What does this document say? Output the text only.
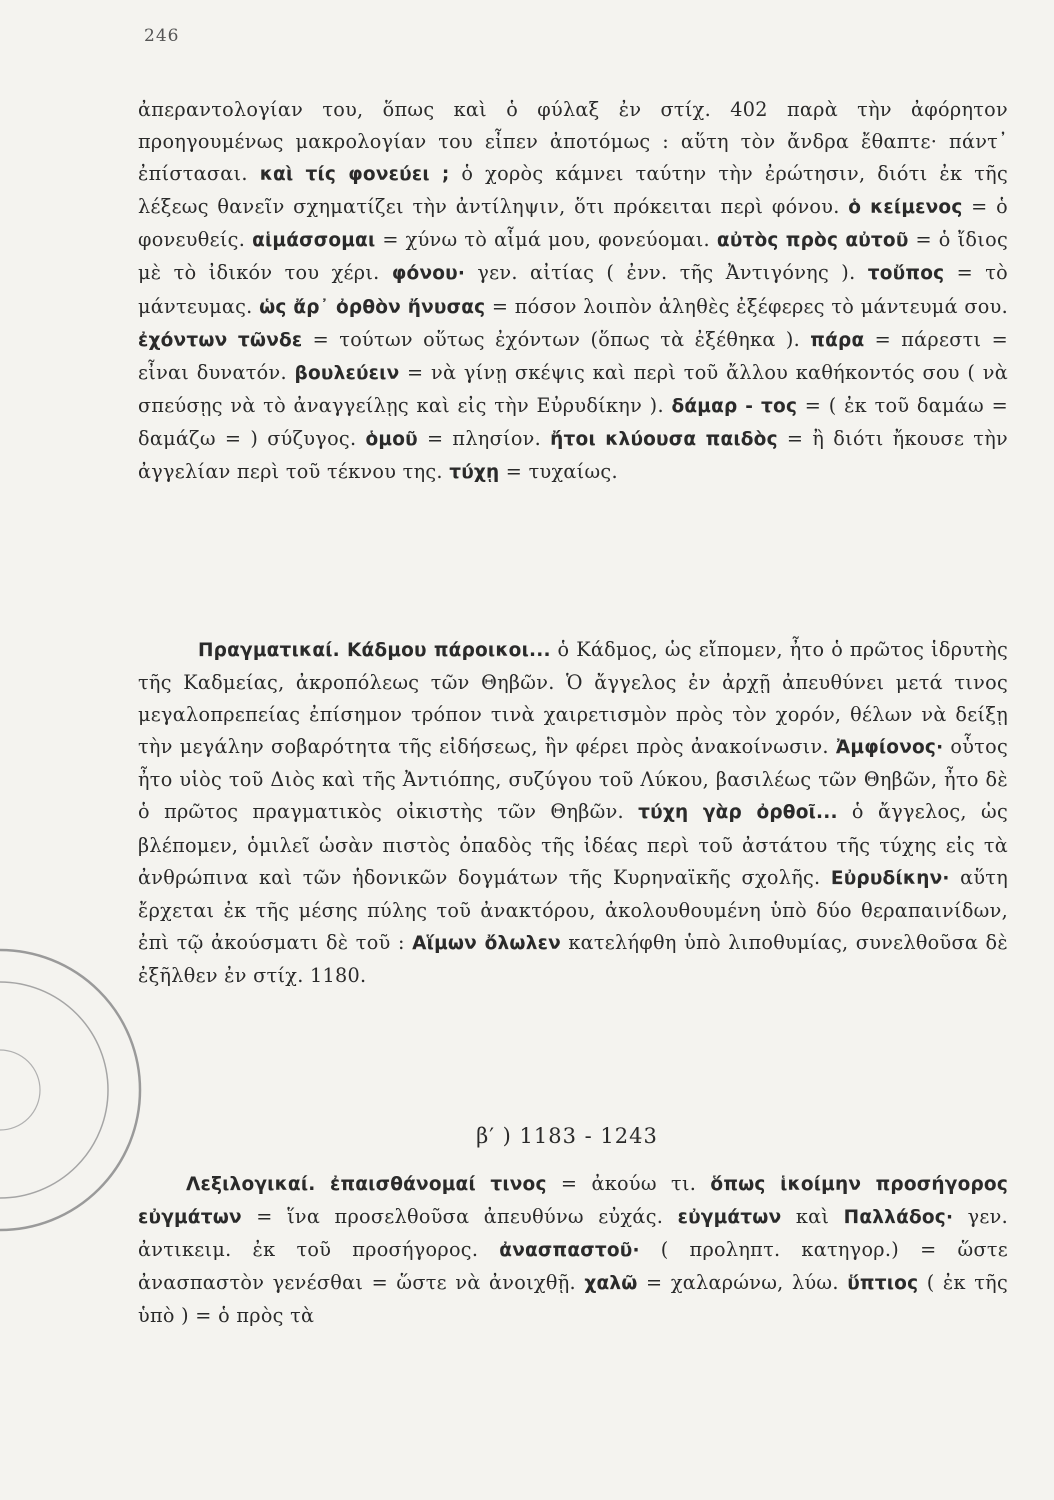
246
ἀπεραντολογίαν του, ὅπως καὶ ὁ φύλαξ ἐν στίχ. 402 παρὰ τὴν ἀφόρητον προηγουμένως μακρολογίαν του εἶπεν ἀποτόμως : αὕτη τὸν ἄνδρα ἔθαπτε· πάντ᾽ ἐπίστασαι. καὶ τίς φονεύει ; ὁ χορὸς κάμνει ταύτην τὴν ἐρώτησιν, διότι ἐκ τῆς λέξεως θανεῖν σχηματίζει τὴν ἀντίληψιν, ὅτι πρόκειται περὶ φόνου. ὁ κείμενος = ὁ φονευθείς. αἱμάσσομαι = χύνω τὸ αἷμά μου, φονεύομαι. αὐτὸς πρὸς αὐτοῦ = ὁ ἴδιος μὲ τὸ ἰδικόν του χέρι. φόνου· γεν. αἰτίας ( ἐνν. τῆς Ἀντιγόνης ). τοὔπος = τὸ μάντευμας. ὡς ἄρ᾽ ὀρθὸν ἤνυσας = πόσον λοιπὸν ἀληθὲς ἐξέφερες τὸ μάντευμά σου. ἐχόντων τῶνδε = τούτων οὕτως ἐχόντων (ὅπως τὰ ἐξέθηκα ). πάρα = πάρεστι = εἶναι δυνατόν. βουλεύειν = νὰ γίνῃ σκέψις καὶ περὶ τοῦ ἄλλου καθήκοντός σου ( νὰ σπεύσῃς νὰ τὸ ἀναγγείλῃς καὶ εἰς τὴν Εὐρυδίκην ). δάμαρ - τος = ( ἐκ τοῦ δαμάω = δαμάζω = ) σύζυγος. ὁμοῦ = πλησίον. ἤτοι κλύουσα παιδὸς = ἢ διότι ἤκουσε τὴν ἀγγελίαν περὶ τοῦ τέκνου της. τύχῃ = τυχαίως.
Πραγματικαί. Κάδμου πάροικοι... ὁ Κάδμος, ὡς εἴπομεν, ἦτο ὁ πρῶτος ἱδρυτὴς τῆς Καδμείας, ἀκροπόλεως τῶν Θηβῶν. Ὁ ἄγγελος ἐν ἀρχῇ ἀπευθύνει μετά τινος μεγαλοπρεπείας ἐπίσημον τρόπον τινὰ χαιρετισμὸν πρὸς τὸν χορόν, θέλων νὰ δείξῃ τὴν μεγάλην σοβαρότητα τῆς εἰδήσεως, ἣν φέρει πρὸς ἀνακοίνωσιν. Ἀμφίονος· οὗτος ἦτο υἱὸς τοῦ Διὸς καὶ τῆς Ἀντιόπης, συζύγου τοῦ Λύκου, βασιλέως τῶν Θηβῶν, ἦτο δὲ ὁ πρῶτος πραγματικὸς οἰκιστὴς τῶν Θηβῶν. τύχη γὰρ ὀρθοῖ... ὁ ἄγγελος, ὡς βλέπομεν, ὁμιλεῖ ὡσὰν πιστὸς ὀπαδὸς τῆς ἰδέας περὶ τοῦ ἀστάτου τῆς τύχης εἰς τὰ ἀνθρώπινα καὶ τῶν ἡδονικῶν δογμάτων τῆς Κυρηναϊκῆς σχολῆς. Εὐρυδίκην· αὕτη ἔρχεται ἐκ τῆς μέσης πύλης τοῦ ἀνακτόρου, ἀκολουθουμένη ὑπὸ δύο θεραπαινίδων, ἐπὶ τῷ ἀκούσματι δὲ τοῦ : Αἵμων ὄλωλεν κατελήφθη ὑπὸ λιποθυμίας, συνελθοῦσα δὲ ἐξῆλθεν ἐν στίχ. 1180.
β′ ) 1183 - 1243
Λεξιλογικαί. ἐπαισθάνομαί τινος = ἀκούω τι. ὅπως ἱκοίμην προσήγορος εὐγμάτων = ἵνα προσελθοῦσα ἀπευθύνω εὐχάς. εὐγμάτων καὶ Παλλάδος· γεν. ἀντικειμ. ἐκ τοῦ προσήγορος. ἀνασπαστοῦ· ( προληπτ. κατηγορ.) = ὥστε ἀνασπαστὸν γενέσθαι = ὥστε νὰ ἀνοιχθῇ. χαλῶ = χαλαρώνω, λύω. ὕπτιος ( ἐκ τῆς ὑπὸ ) = ὁ πρὸς τὰ
